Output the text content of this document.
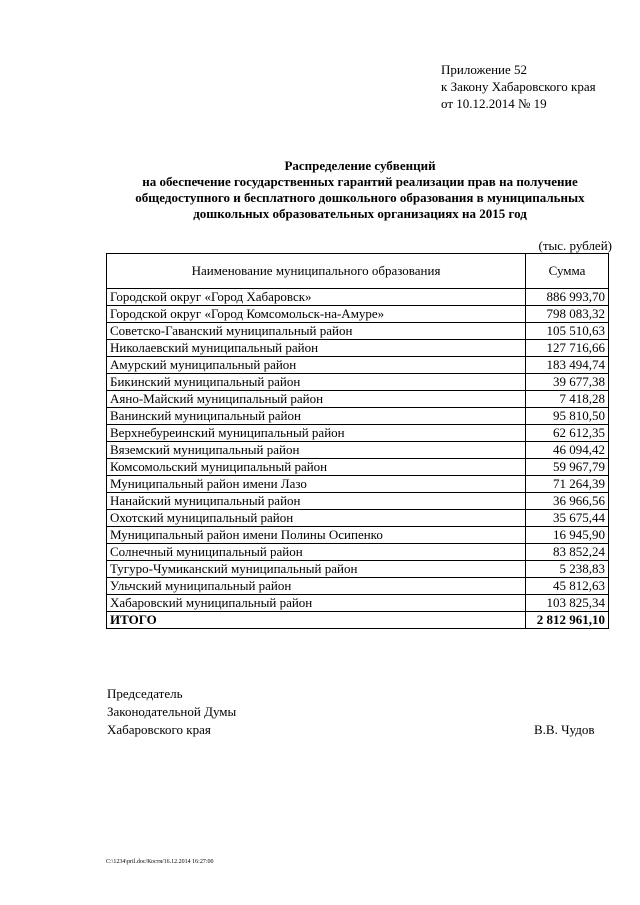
Приложение 52
к Закону Хабаровского края
от 10.12.2014 № 19
Распределение субвенций
на обеспечение государственных гарантий реализации прав на получение
общедоступного и бесплатного дошкольного образования в муниципальных
дошкольных образовательных организациях на 2015 год
(тыс. рублей)
Наименование муниципального образования	Сумма
Городской округ «Город Хабаровск»	886 993,70
Городской округ «Город Комсомольск-на-Амуре»	798 083,32
Советско-Гаванский муниципальный район	105 510,63
Николаевский муниципальный район	127 716,66
Амурский муниципальный район	183 494,74
Бикинский муниципальный район	39 677,38
Аяно-Майский муниципальный район	7 418,28
Ванинский муниципальный район	95 810,50
Верхнебуреинский муниципальный район	62 612,35
Вяземский муниципальный район	46 094,42
Комсомольский муниципальный район	59 967,79
Муниципальный район имени Лазо	71 264,39
Нанайский муниципальный район	36 966,56
Охотский муниципальный район	35 675,44
Муниципальный район имени Полины Осипенко	16 945,90
Солнечный муниципальный район	83 852,24
Тугуро-Чумиканский муниципальный район	5 238,83
Ульчский муниципальный район	45 812,63
Хабаровский муниципальный район	103 825,34
ИТОГО	2 812 961,10
Председатель
Законодательной Думы
Хабаровского края	В.В. Чудов
C:\1234\pril.doc/Костя/16.12.2014 16:27:00
